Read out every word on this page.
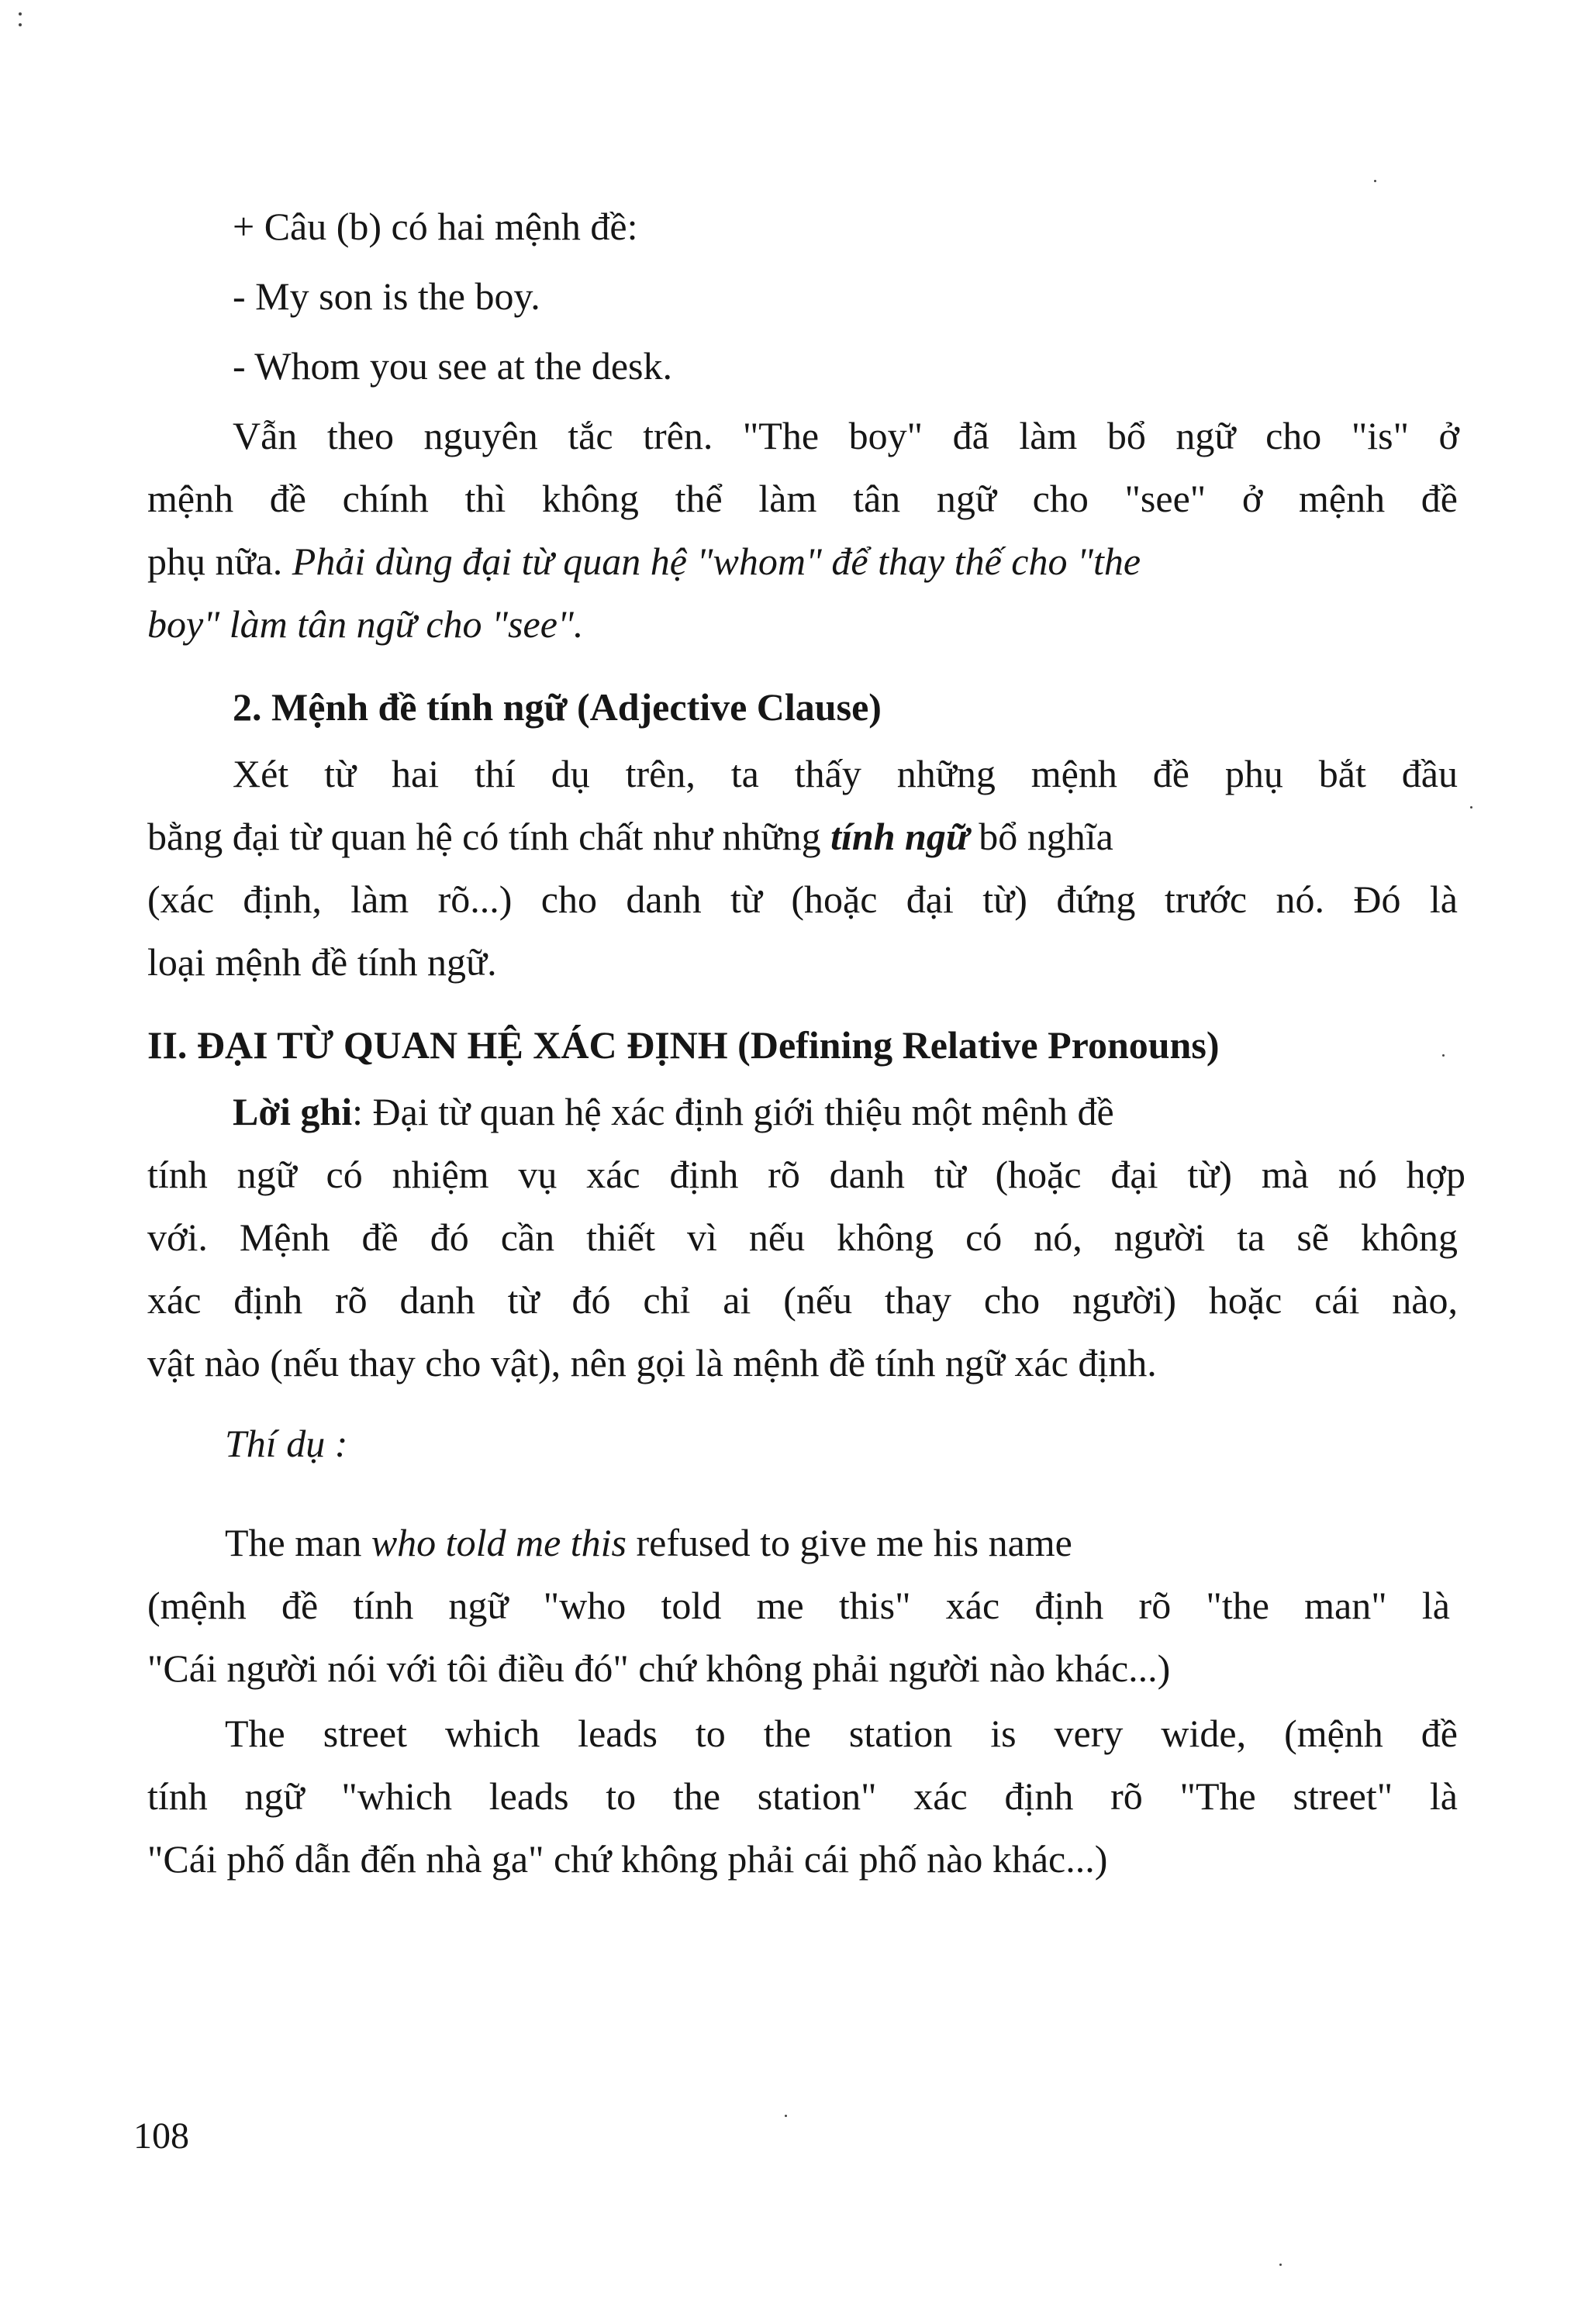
+ Câu (b) có hai mệnh đề:
- My son is the boy.
- Whom you see at the desk.
Vẫn theo nguyên tắc trên. "The boy" đã làm bổ ngữ cho "is" ở
mệnh đề chính thì không thể làm tân ngữ cho "see" ở mệnh đề
phụ nữa. Phải dùng đại từ quan hệ "whom" để thay thế cho "the
boy" làm tân ngữ cho "see".
2. Mệnh đề tính ngữ (Adjective Clause)
Xét từ hai thí dụ trên, ta thấy những mệnh đề phụ bắt đầu
bằng đại từ quan hệ có tính chất như những tính ngữ bổ nghĩa
(xác định, làm rõ...) cho danh từ (hoặc đại từ) đứng trước nó. Đó là
loại mệnh đề tính ngữ.
II. ĐẠI TỪ QUAN HỆ XÁC ĐỊNH (Defining Relative Pronouns)
Lời ghi: Đại từ quan hệ xác định giới thiệu một mệnh đề
tính ngữ có nhiệm vụ xác định rõ danh từ (hoặc đại từ) mà nó hợp
với. Mệnh đề đó cần thiết vì nếu không có nó, người ta sẽ không
xác định rõ danh từ đó chỉ ai (nếu thay cho người) hoặc cái nào,
vật nào (nếu thay cho vật), nên gọi là mệnh đề tính ngữ xác định.
Thí dụ :
The man who told me this refused to give me his name
(mệnh đề tính ngữ "who told me this" xác định rõ "the man" là
"Cái người nói với tôi điều đó" chứ không phải người nào khác...)
The street which leads to the station is very wide, (mệnh đề
tính ngữ "which leads to the station" xác định rõ "The street" là
"Cái phố dẫn đến nhà ga" chứ không phải cái phố nào khác...)
108
